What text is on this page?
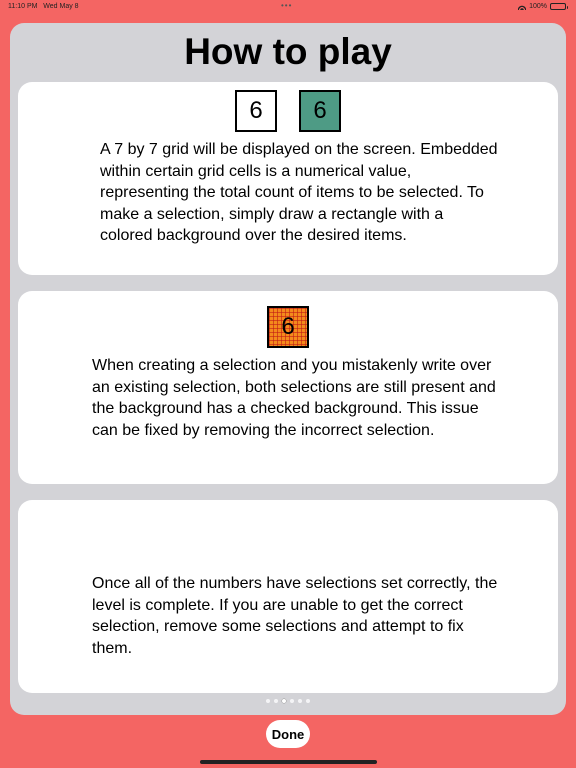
11:10 PM Wed May 8	•••	100%
How to play
6	6

A 7 by 7 grid will be displayed on the screen. Embedded within certain grid cells is a numerical value, representing the total count of items to be selected. To make a selection, simply draw a rectangle with a colored background over the desired items.

6

When creating a selection and you mistakenly write over an existing selection, both selections are still present and the background has a checked background. This issue can be fixed by removing the incorrect selection.

Once all of the numbers have selections set correctly, the level is complete. If you are unable to get the correct selection, remove some selections and attempt to fix them.

Done
